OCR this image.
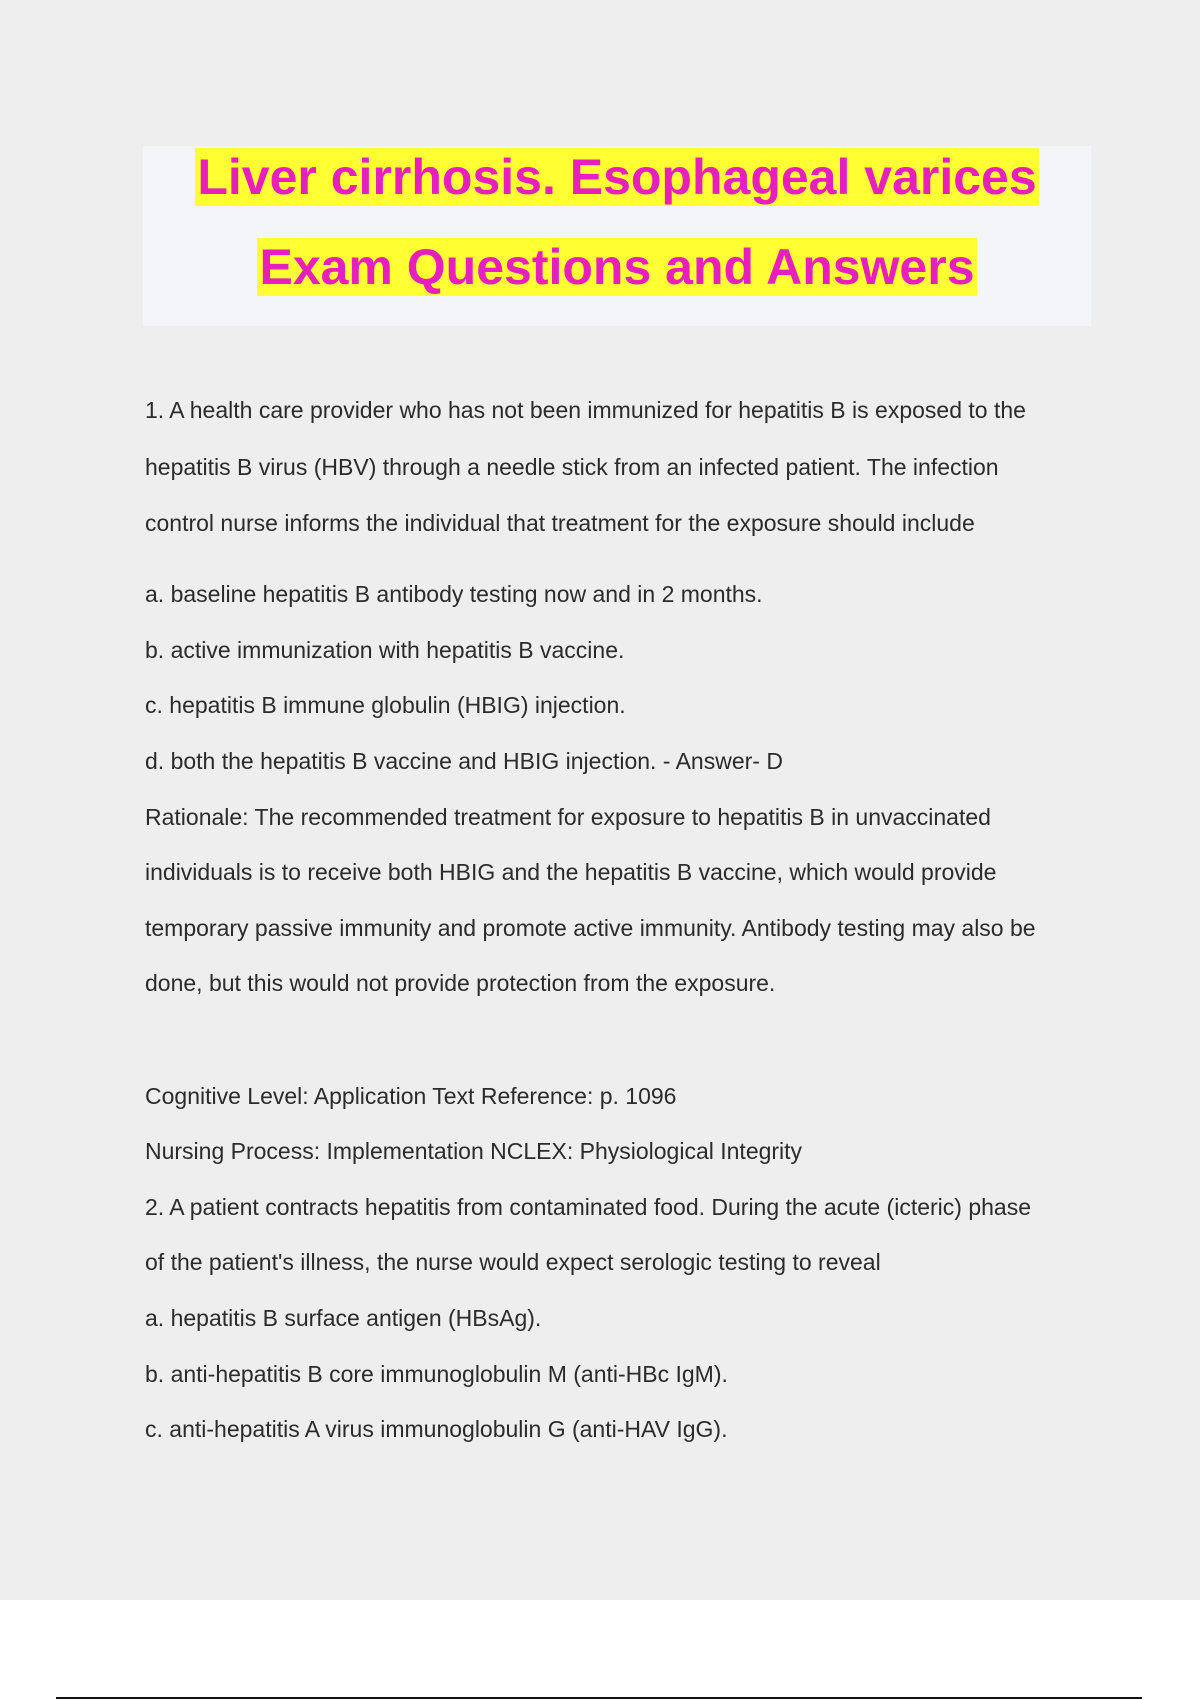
Liver cirrhosis. Esophageal varices
Exam Questions and Answers

1. A health care provider who has not been immunized for hepatitis B is exposed to the

hepatitis B virus (HBV) through a needle stick from an infected patient. The infection

control nurse informs the individual that treatment for the exposure should include

a. baseline hepatitis B antibody testing now and in 2 months.

b. active immunization with hepatitis B vaccine.

c. hepatitis B immune globulin (HBIG) injection.

d. both the hepatitis B vaccine and HBIG injection. - Answer- D

Rationale: The recommended treatment for exposure to hepatitis B in unvaccinated

individuals is to receive both HBIG and the hepatitis B vaccine, which would provide

temporary passive immunity and promote active immunity. Antibody testing may also be

done, but this would not provide protection from the exposure.

Cognitive Level: Application Text Reference: p. 1096

Nursing Process: Implementation NCLEX: Physiological Integrity

2. A patient contracts hepatitis from contaminated food. During the acute (icteric) phase

of the patient's illness, the nurse would expect serologic testing to reveal

a. hepatitis B surface antigen (HBsAg).

b. anti-hepatitis B core immunoglobulin M (anti-HBc IgM).

c. anti-hepatitis A virus immunoglobulin G (anti-HAV IgG).
